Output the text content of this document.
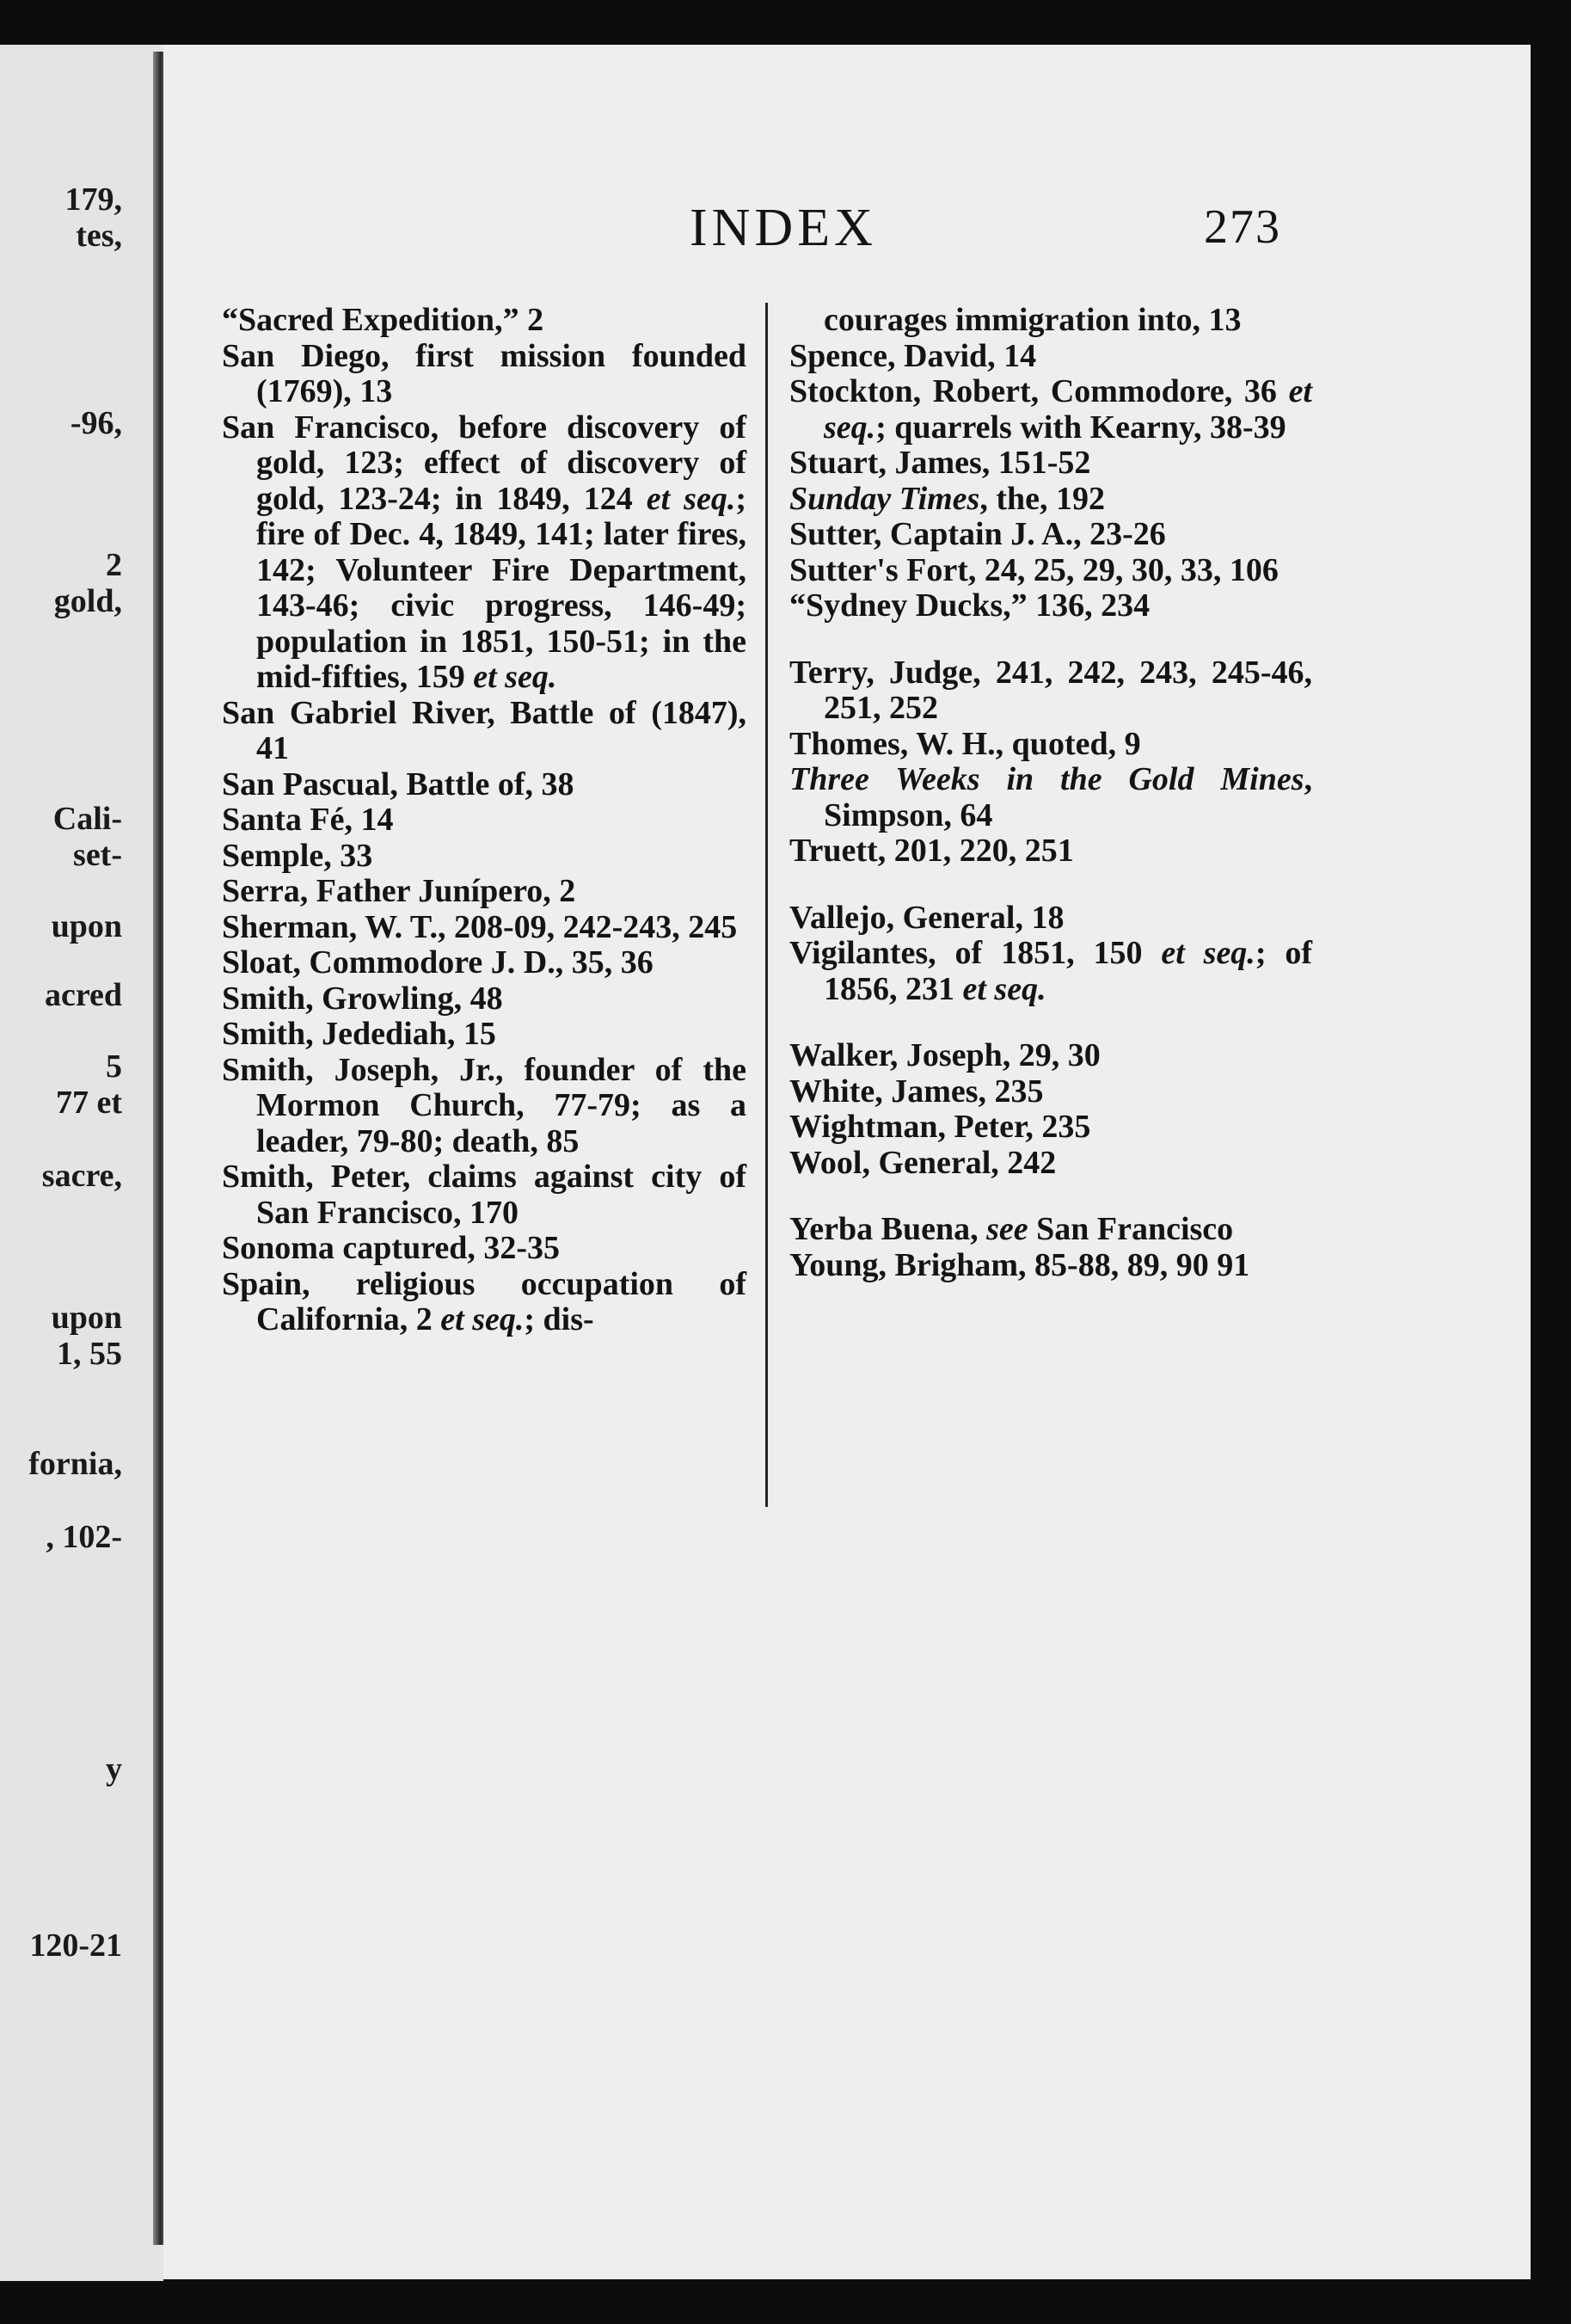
179,
tes,
-96,
2
gold,
Cali-
set-
upon
acred
5
77 et
sacre,
upon
1, 55
fornia,
, 102-
y
120-21
INDEX	273

“Sacred Expedition,” 2

San Diego, first mission founded (1769), 13

San Francisco, before discovery of gold, 123; effect of discovery of gold, 123-24; in 1849, 124 et seq.; fire of Dec. 4, 1849, 141; later fires, 142; Volunteer Fire Department, 143-46; civic progress, 146-49; population in 1851, 150-51; in the mid-fifties, 159 et seq.

San Gabriel River, Battle of (1847), 41

San Pascual, Battle of, 38

Santa Fé, 14

Semple, 33

Serra, Father Junípero, 2

Sherman, W. T., 208-09, 242-243, 245

Sloat, Commodore J. D., 35, 36

Smith, Growling, 48

Smith, Jedediah, 15

Smith, Joseph, Jr., founder of the Mormon Church, 77-79; as a leader, 79-80; death, 85

Smith, Peter, claims against city of San Francisco, 170

Sonoma captured, 32-35

Spain, religious occupation of California, 2 et seq.; dis-

courages immigration into, 13

Spence, David, 14

Stockton, Robert, Commodore, 36 et seq.; quarrels with Kearny, 38-39

Stuart, James, 151-52

Sunday Times, the, 192

Sutter, Captain J. A., 23-26

Sutter's Fort, 24, 25, 29, 30, 33, 106

“Sydney Ducks,” 136, 234

Terry, Judge, 241, 242, 243, 245-46, 251, 252

Thomes, W. H., quoted, 9

Three Weeks in the Gold Mines, Simpson, 64

Truett, 201, 220, 251

Vallejo, General, 18

Vigilantes, of 1851, 150 et seq.; of 1856, 231 et seq.

Walker, Joseph, 29, 30

White, James, 235

Wightman, Peter, 235

Wool, General, 242

Yerba Buena, see San Francisco

Young, Brigham, 85-88, 89, 90 91
